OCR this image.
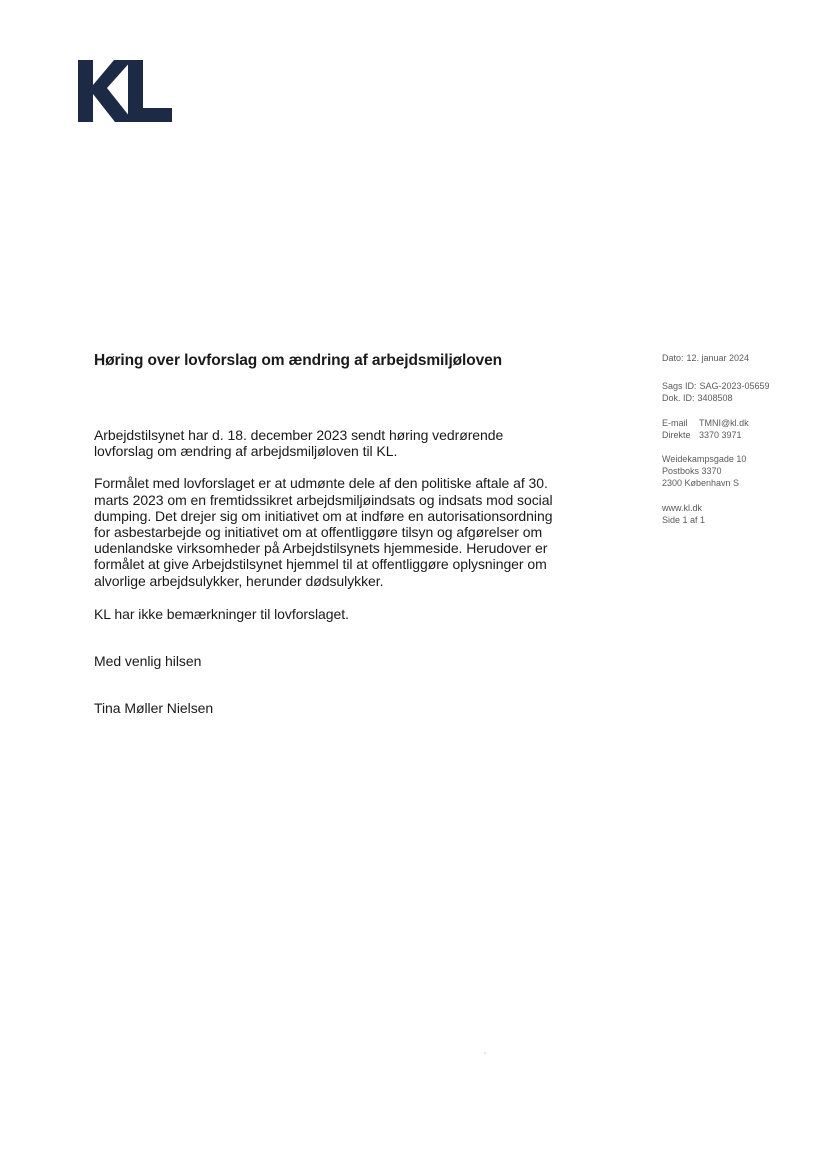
Høring over lovforslag om ændring af arbejdsmiljøloven

Arbejdstilsynet har d. 18. december 2023 sendt høring vedrørende lovforslag om ændring af arbejdsmiljøloven til KL.

Formålet med lovforslaget er at udmønte dele af den politiske aftale af 30. marts 2023 om en fremtidssikret arbejdsmiljøindsats og indsats mod social dumping. Det drejer sig om initiativet om at indføre en autorisationsordning for asbestarbejde og initiativet om at offentliggøre tilsyn og afgørelser om udenlandske virksomheder på Arbejdstilsynets hjemmeside. Herudover er formålet at give Arbejdstilsynet hjemmel til at offentliggøre oplysninger om alvorlige arbejdsulykker, herunder dødsulykker.

KL har ikke bemærkninger til lovforslaget.

Med venlig hilsen

Tina Møller Nielsen

Dato: 12. januar 2024
Sags ID: SAG-2023-05659
Dok. ID: 3408508
E-mail TMNI@kl.dk
Direkte 3370 3971
Weidekampsgade 10
Postboks 3370
2300 København S
www.kl.dk
Side 1 af 1
